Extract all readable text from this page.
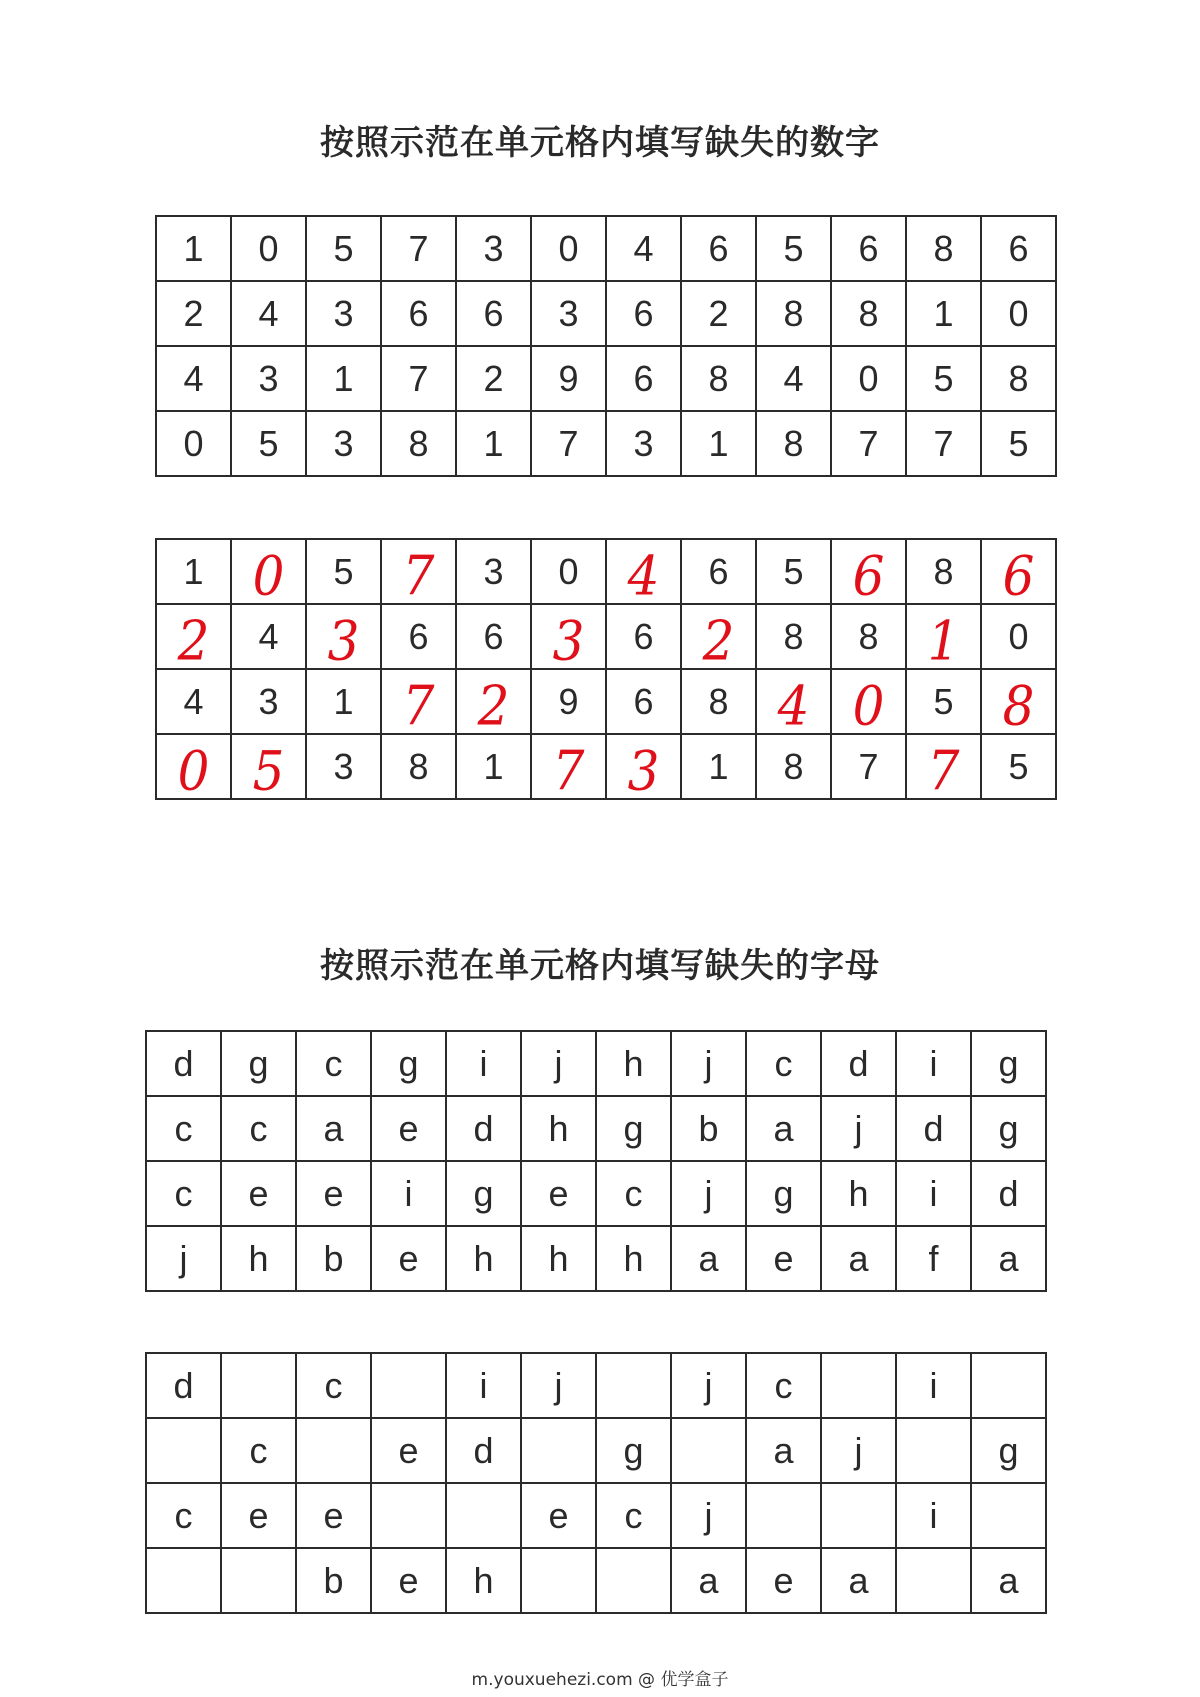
按照示范在单元格内填写缺失的数字
1	0	5	7	3	0	4	6	5	6	8	6
2	4	3	6	6	3	6	2	8	8	1	0
4	3	1	7	2	9	6	8	4	0	5	8
0	5	3	8	1	7	3	1	8	7	7	5
1	0	5	7	3	0	4	6	5	6	8	6
2	4	3	6	6	3	6	2	8	8	1	0
4	3	1	7	2	9	6	8	4	0	5	8
0	5	3	8	1	7	3	1	8	7	7	5
按照示范在单元格内填写缺失的字母
d	g	c	g	i	j	h	j	c	d	i	g
c	c	a	e	d	h	g	b	a	j	d	g
c	e	e	i	g	e	c	j	g	h	i	d
j	h	b	e	h	h	h	a	e	a	f	a
d		c		i	j		j	c		i	
	c		e	d		g		a	j		g
c	e	e			e	c	j			i	
		b	e	h			a	e	a		a
m.youxuehezi.com @ 优学盒子
